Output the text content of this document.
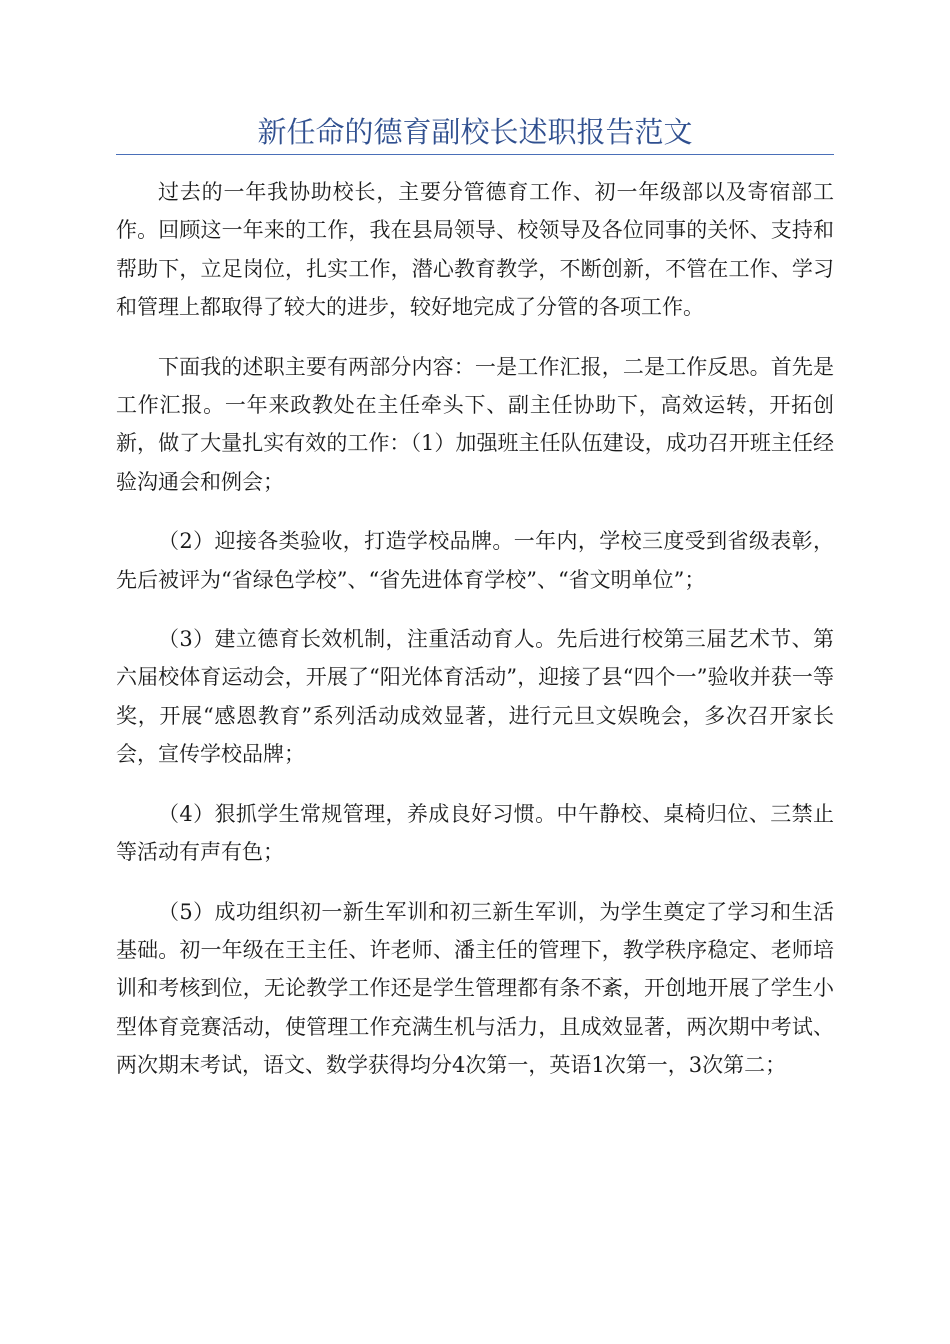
新任命的德育副校长述职报告范文

过去的一年我协助校长，主要分管德育工作、初一年级部以及寄宿部工作。回顾这一年来的工作，我在县局领导、校领导及各位同事的关怀、支持和帮助下，立足岗位，扎实工作，潜心教育教学，不断创新，不管在工作、学习和管理上都取得了较大的进步，较好地完成了分管的各项工作。

下面我的述职主要有两部分内容：一是工作汇报，二是工作反思。首先是工作汇报。一年来政教处在主任牵头下、副主任协助下，高效运转，开拓创新，做了大量扎实有效的工作：（1）加强班主任队伍建设，成功召开班主任经验沟通会和例会；

（2）迎接各类验收，打造学校品牌。一年内，学校三度受到省级表彰，先后被评为“省绿色学校”、“省先进体育学校”、“省文明单位”；

（3）建立德育长效机制，注重活动育人。先后进行校第三届艺术节、第六届校体育运动会，开展了“阳光体育活动”，迎接了县“四个一”验收并获一等奖，开展“感恩教育”系列活动成效显著，进行元旦文娱晚会，多次召开家长会，宣传学校品牌；

（4）狠抓学生常规管理，养成良好习惯。中午静校、桌椅归位、三禁止等活动有声有色；

（5）成功组织初一新生军训和初三新生军训，为学生奠定了学习和生活基础。初一年级在王主任、许老师、潘主任的管理下，教学秩序稳定、老师培训和考核到位，无论教学工作还是学生管理都有条不紊，开创地开展了学生小型体育竞赛活动，使管理工作充满生机与活力，且成效显著，两次期中考试、两次期末考试，语文、数学获得均分4次第一，英语1次第一，3次第二；
